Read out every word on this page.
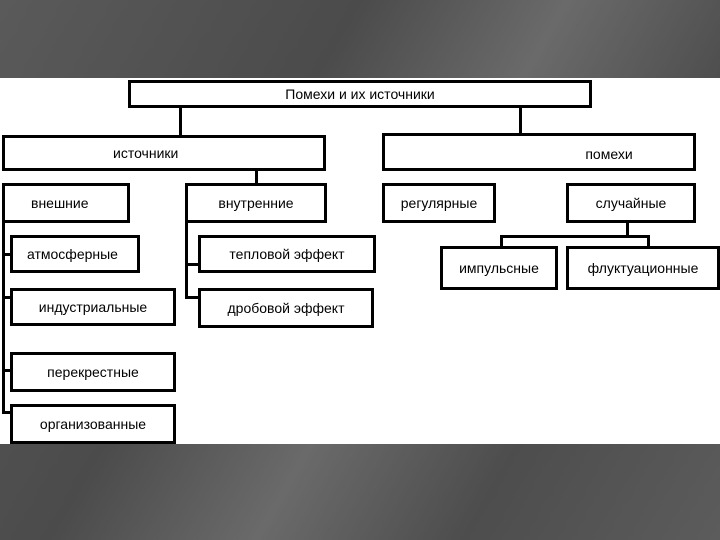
Помехи и их источники
источники	помехи
внешние	внутренние	регулярные	случайные
атмосферные
индустриальные
перекрестные
организованные
тепловой эффект
дробовой эффект
импульсные	флуктуационные
